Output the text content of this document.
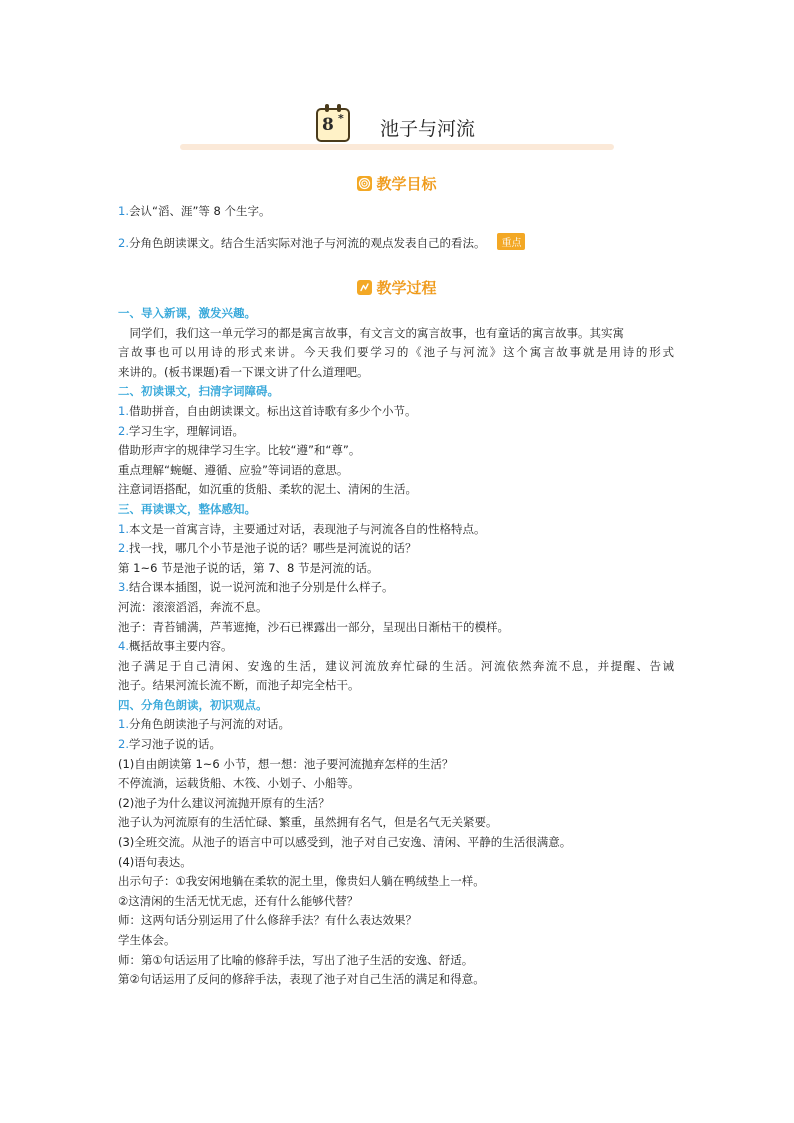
8 * 池子与河流
教学目标
1.会认“滔、涯”等 8 个生字。
2.分角色朗读课文。结合生活实际对池子与河流的观点发表自己的看法。 重点
教学过程
一、导入新课，激发兴趣。
同学们，我们这一单元学习的都是寓言故事，有文言文的寓言故事，也有童话的寓言故事。其实寓
言故事也可以用诗的形式来讲。今天我们要学习的《池子与河流》这个寓言故事就是用诗的形式
来讲的。(板书课题)看一下课文讲了什么道理吧。
二、初读课文，扫清字词障碍。
1.借助拼音，自由朗读课文。标出这首诗歌有多少个小节。
2.学习生字，理解词语。
借助形声字的规律学习生字。比较“遵”和“尊”。
重点理解“蜿蜒、遵循、应验”等词语的意思。
注意词语搭配，如沉重的货船、柔软的泥土、清闲的生活。
三、再读课文，整体感知。
1.本文是一首寓言诗，主要通过对话，表现池子与河流各自的性格特点。
2.找一找，哪几个小节是池子说的话？哪些是河流说的话？
第 1~6 节是池子说的话，第 7、8 节是河流的话。
3.结合课本插图，说一说河流和池子分别是什么样子。
河流：滚滚滔滔，奔流不息。
池子：青苔铺满，芦苇遮掩，沙石已裸露出一部分，呈现出日渐枯干的模样。
4.概括故事主要内容。
池子满足于自己清闲、安逸的生活，建议河流放弃忙碌的生活。河流依然奔流不息，并提醒、告诫
池子。结果河流长流不断，而池子却完全枯干。
四、分角色朗读，初识观点。
1.分角色朗读池子与河流的对话。
2.学习池子说的话。
(1)自由朗读第 1~6 小节，想一想：池子要河流抛弃怎样的生活？
不停流淌，运载货船、木筏、小划子、小船等。
(2)池子为什么建议河流抛开原有的生活？
池子认为河流原有的生活忙碌、繁重，虽然拥有名气，但是名气无关紧要。
(3)全班交流。从池子的语言中可以感受到，池子对自己安逸、清闲、平静的生活很满意。
(4)语句表达。
出示句子：①我安闲地躺在柔软的泥土里，像贵妇人躺在鸭绒垫上一样。
②这清闲的生活无忧无虑，还有什么能够代替？
师：这两句话分别运用了什么修辞手法？有什么表达效果？
学生体会。
师：第①句话运用了比喻的修辞手法，写出了池子生活的安逸、舒适。
第②句话运用了反问的修辞手法，表现了池子对自己生活的满足和得意。
